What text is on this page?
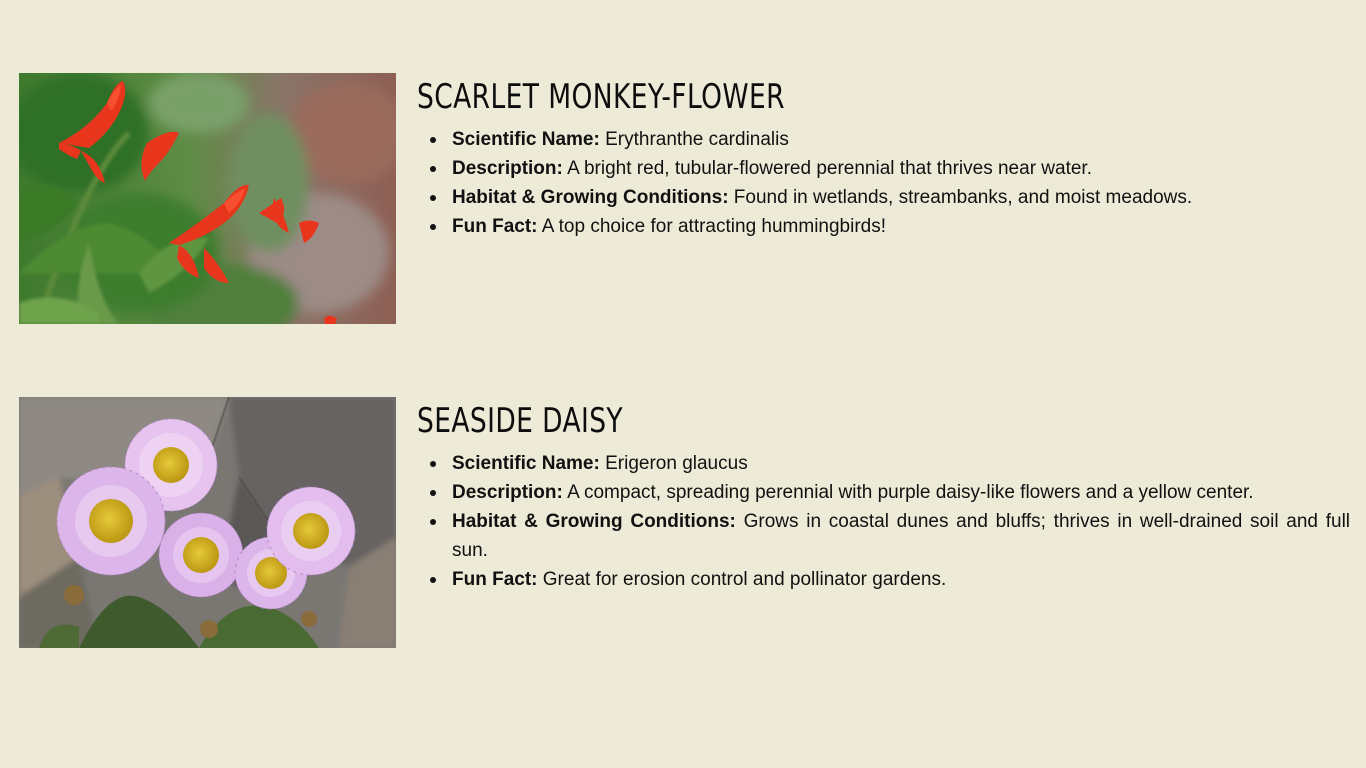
SCARLET MONKEY-FLOWER
Scientific Name: Erythranthe cardinalis
Description: A bright red, tubular-flowered perennial that thrives near water.
Habitat & Growing Conditions: Found in wetlands, streambanks, and moist meadows.
Fun Fact: A top choice for attracting hummingbirds!
SEASIDE DAISY
Scientific Name: Erigeron glaucus
Description: A compact, spreading perennial with purple daisy-like flowers and a yellow center.
Habitat & Growing Conditions: Grows in coastal dunes and bluffs; thrives in well-drained soil and full sun.
Fun Fact: Great for erosion control and pollinator gardens.
